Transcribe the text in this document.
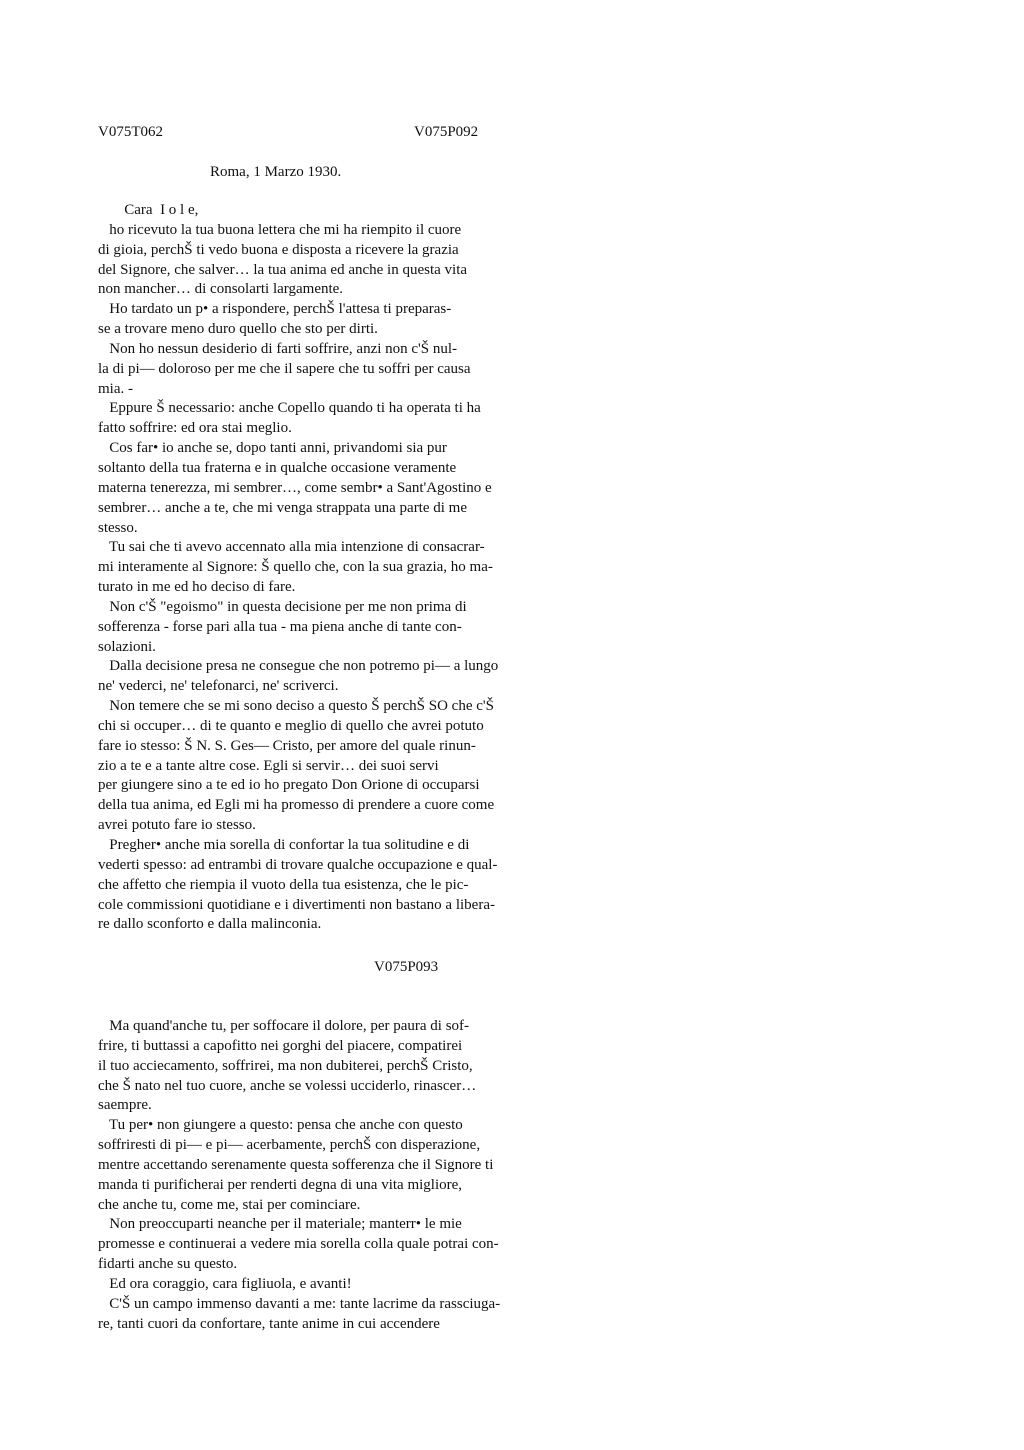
V075T062	V075P092
Roma, 1 Marzo 1930.
Cara  I o l e,
ho ricevuto la tua buona lettera che mi ha riempito il cuore
di gioia, perchŠ ti vedo buona e disposta a ricevere la grazia
del Signore, che salver… la tua anima ed anche in questa vita
non mancher… di consolarti largamente.
Ho tardato un p• a rispondere, perchŠ l'attesa ti preparas-
se a trovare meno duro quello che sto per dirti.
Non ho nessun desiderio di farti soffrire, anzi non c'Š nul-
la di pi— doloroso per me che il sapere che tu soffri per causa
mia. -
Eppure Š necessario: anche Copello quando ti ha operata ti ha
fatto soffrire: ed ora stai meglio.
Cos far• io anche se, dopo tanti anni, privandomi sia pur
soltanto della tua fraterna e in qualche occasione veramente
materna tenerezza, mi sembrer…, come sembr• a Sant'Agostino e
sembrer… anche a te, che mi venga strappata una parte di me
stesso.
Tu sai che ti avevo accennato alla mia intenzione di consacrar-
mi interamente al Signore: Š quello che, con la sua grazia, ho ma-
turato in me ed ho deciso di fare.
Non c'Š "egoismo" in questa decisione per me non prima di
sofferenza - forse pari alla tua - ma piena anche di tante con-
solazioni.
Dalla decisione presa ne consegue che non potremo pi— a lungo
ne' vederci, ne' telefonarci, ne' scriverci.
Non temere che se mi sono deciso a questo Š perchŠ SO che c'Š
chi si occuper… di te quanto e meglio di quello che avrei potuto
fare io stesso: Š N. S. Ges— Cristo, per amore del quale rinun-
zio a te e a tante altre cose. Egli si servir… dei suoi servi
per giungere sino a te ed io ho pregato Don Orione di occuparsi
della tua anima, ed Egli mi ha promesso di prendere a cuore come
avrei potuto fare io stesso.
Pregher• anche mia sorella di confortar la tua solitudine e di
vederti spesso: ad entrambi di trovare qualche occupazione e qual-
che affetto che riempia il vuoto della tua esistenza, che le pic-
cole commissioni quotidiane e i divertimenti non bastano a libera-
re dallo sconforto e dalla malinconia.
V075P093
Ma quand'anche tu, per soffocare il dolore, per paura di sof-
frire, ti buttassi a capofitto nei gorghi del piacere, compatirei
il tuo acciecamento, soffrirei, ma non dubiterei, perchŠ Cristo,
che Š nato nel tuo cuore, anche se volessi ucciderlo, rinascer…
saempre.
Tu per• non giungere a questo: pensa che anche con questo
soffriresti di pi— e pi— acerbamente, perchŠ con disperazione,
mentre accettando serenamente questa sofferenza che il Signore ti
manda ti purificherai per renderti degna di una vita migliore,
che anche tu, come me, stai per cominciare.
Non preoccuparti neanche per il materiale; manterr• le mie
promesse e continuerai a vedere mia sorella colla quale potrai con-
fidarti anche su questo.
Ed ora coraggio, cara figliuola, e avanti!
C'Š un campo immenso davanti a me: tante lacrime da rassciuga-
re, tanti cuori da confortare, tante anime in cui accendere
